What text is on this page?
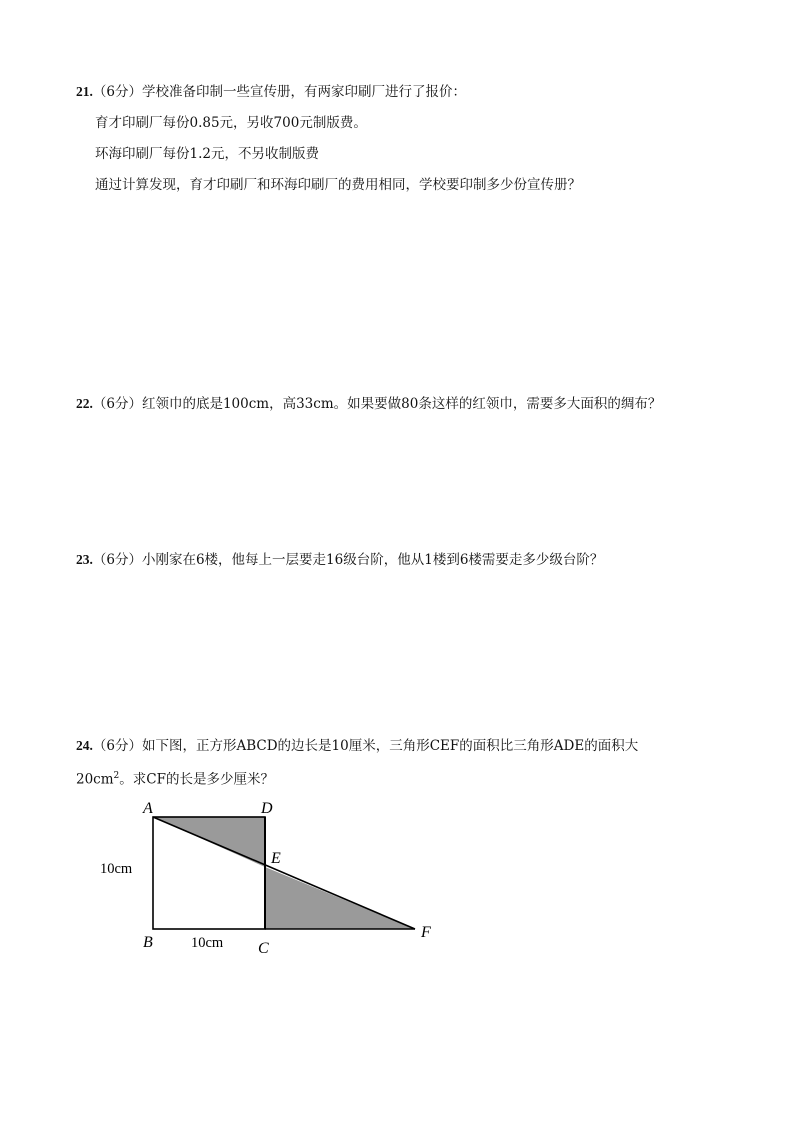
21.（6分）学校准备印制一些宣传册，有两家印刷厂进行了报价：
育才印刷厂每份0.85元，另收700元制版费。
环海印刷厂每份1.2元，不另收制版费
通过计算发现，育才印刷厂和环海印刷厂的费用相同，学校要印制多少份宣传册？
22.（6分）红领巾的底是100cm，高33cm。如果要做80条这样的红领巾，需要多大面积的绸布？
23.（6分）小刚家在6楼，他每上一层要走16级台阶，他从1楼到6楼需要走多少级台阶？
24.（6分）如下图，正方形ABCD的边长是10厘米，三角形CEF的面积比三角形ADE的面积大
$20cm^2$。求CF的长是多少厘米？
A	D
E
B	C
F
10cm
10cm
